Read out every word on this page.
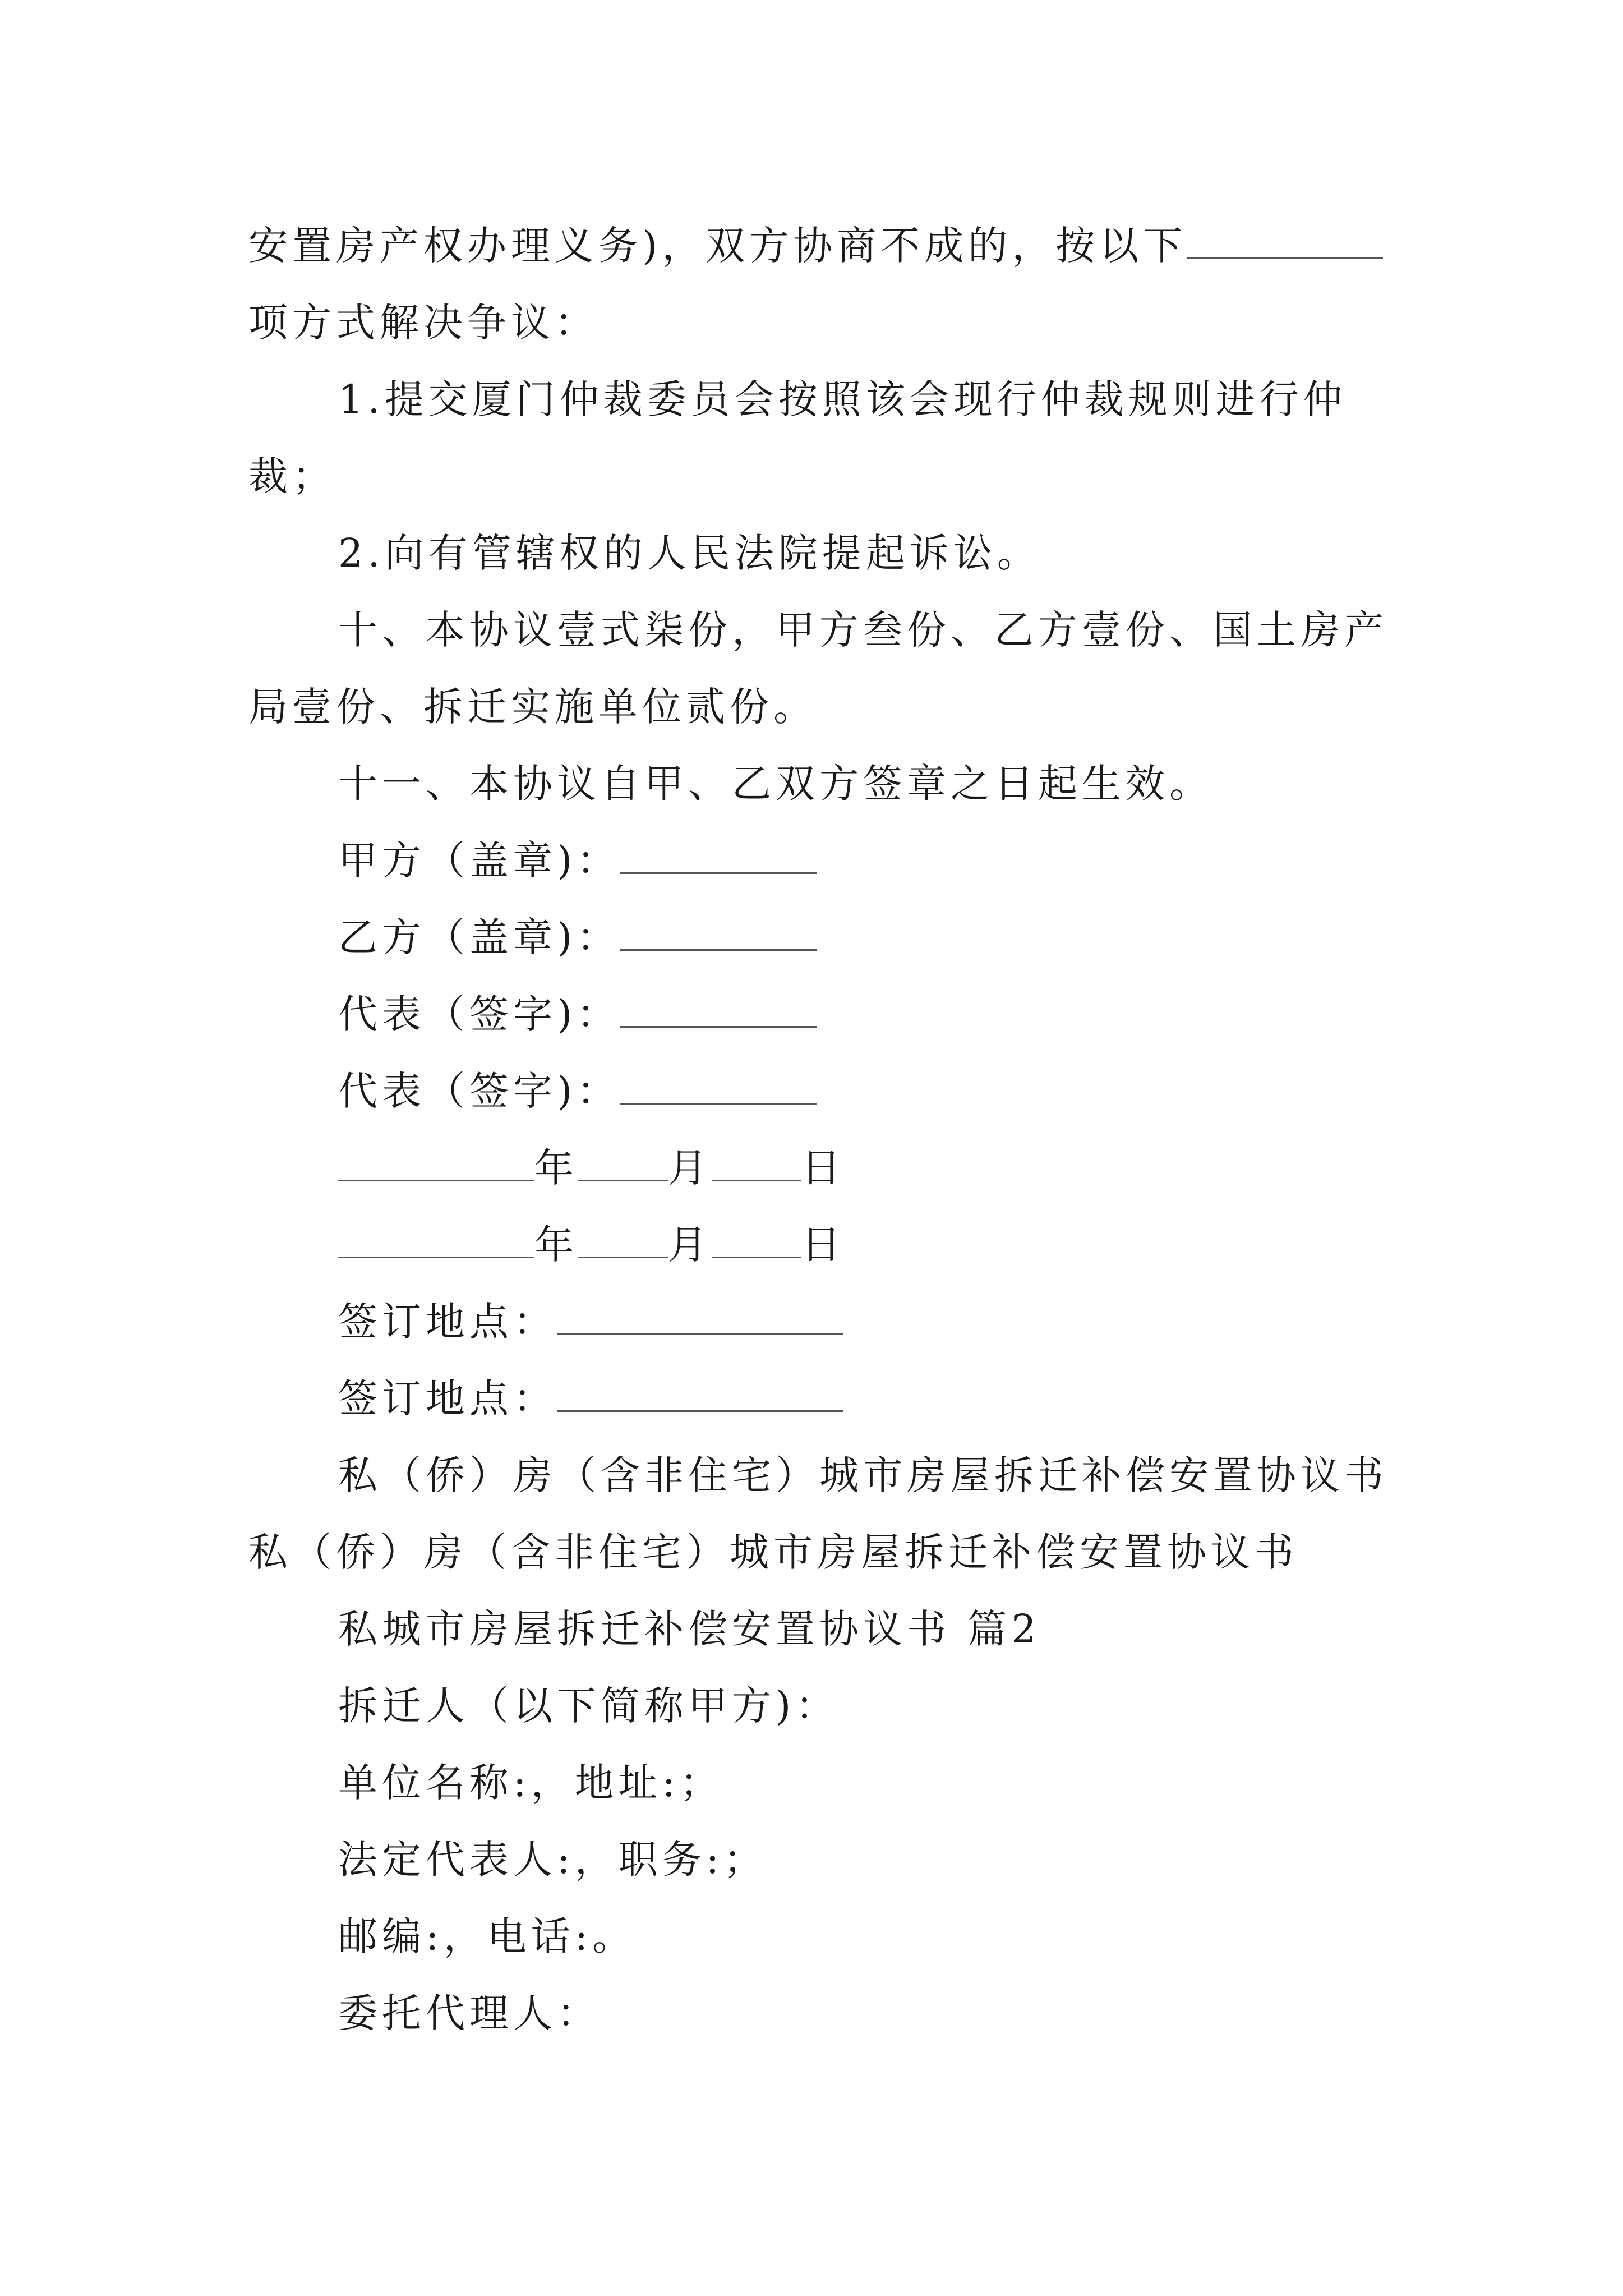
安置房产权办理义务)，双方协商不成的，按以下
项方式解决争议：
1.提交厦门仲裁委员会按照该会现行仲裁规则进行仲
裁；
2.向有管辖权的人民法院提起诉讼。
十、本协议壹式柒份，甲方叁份、乙方壹份、国土房产
局壹份、拆迁实施单位贰份。
十一、本协议自甲、乙双方签章之日起生效。
甲方（盖章)：
乙方（盖章)：
代表（签字)：
代表（签字)：
年 月 日
年 月 日
签订地点：
签订地点：
私（侨）房（含非住宅）城市房屋拆迁补偿安置协议书
私（侨）房（含非住宅）城市房屋拆迁补偿安置协议书
私城市房屋拆迁补偿安置协议书 篇2
拆迁人（以下简称甲方)：
单位名称:，地址:；
法定代表人:，职务:；
邮编:，电话:。
委托代理人：
